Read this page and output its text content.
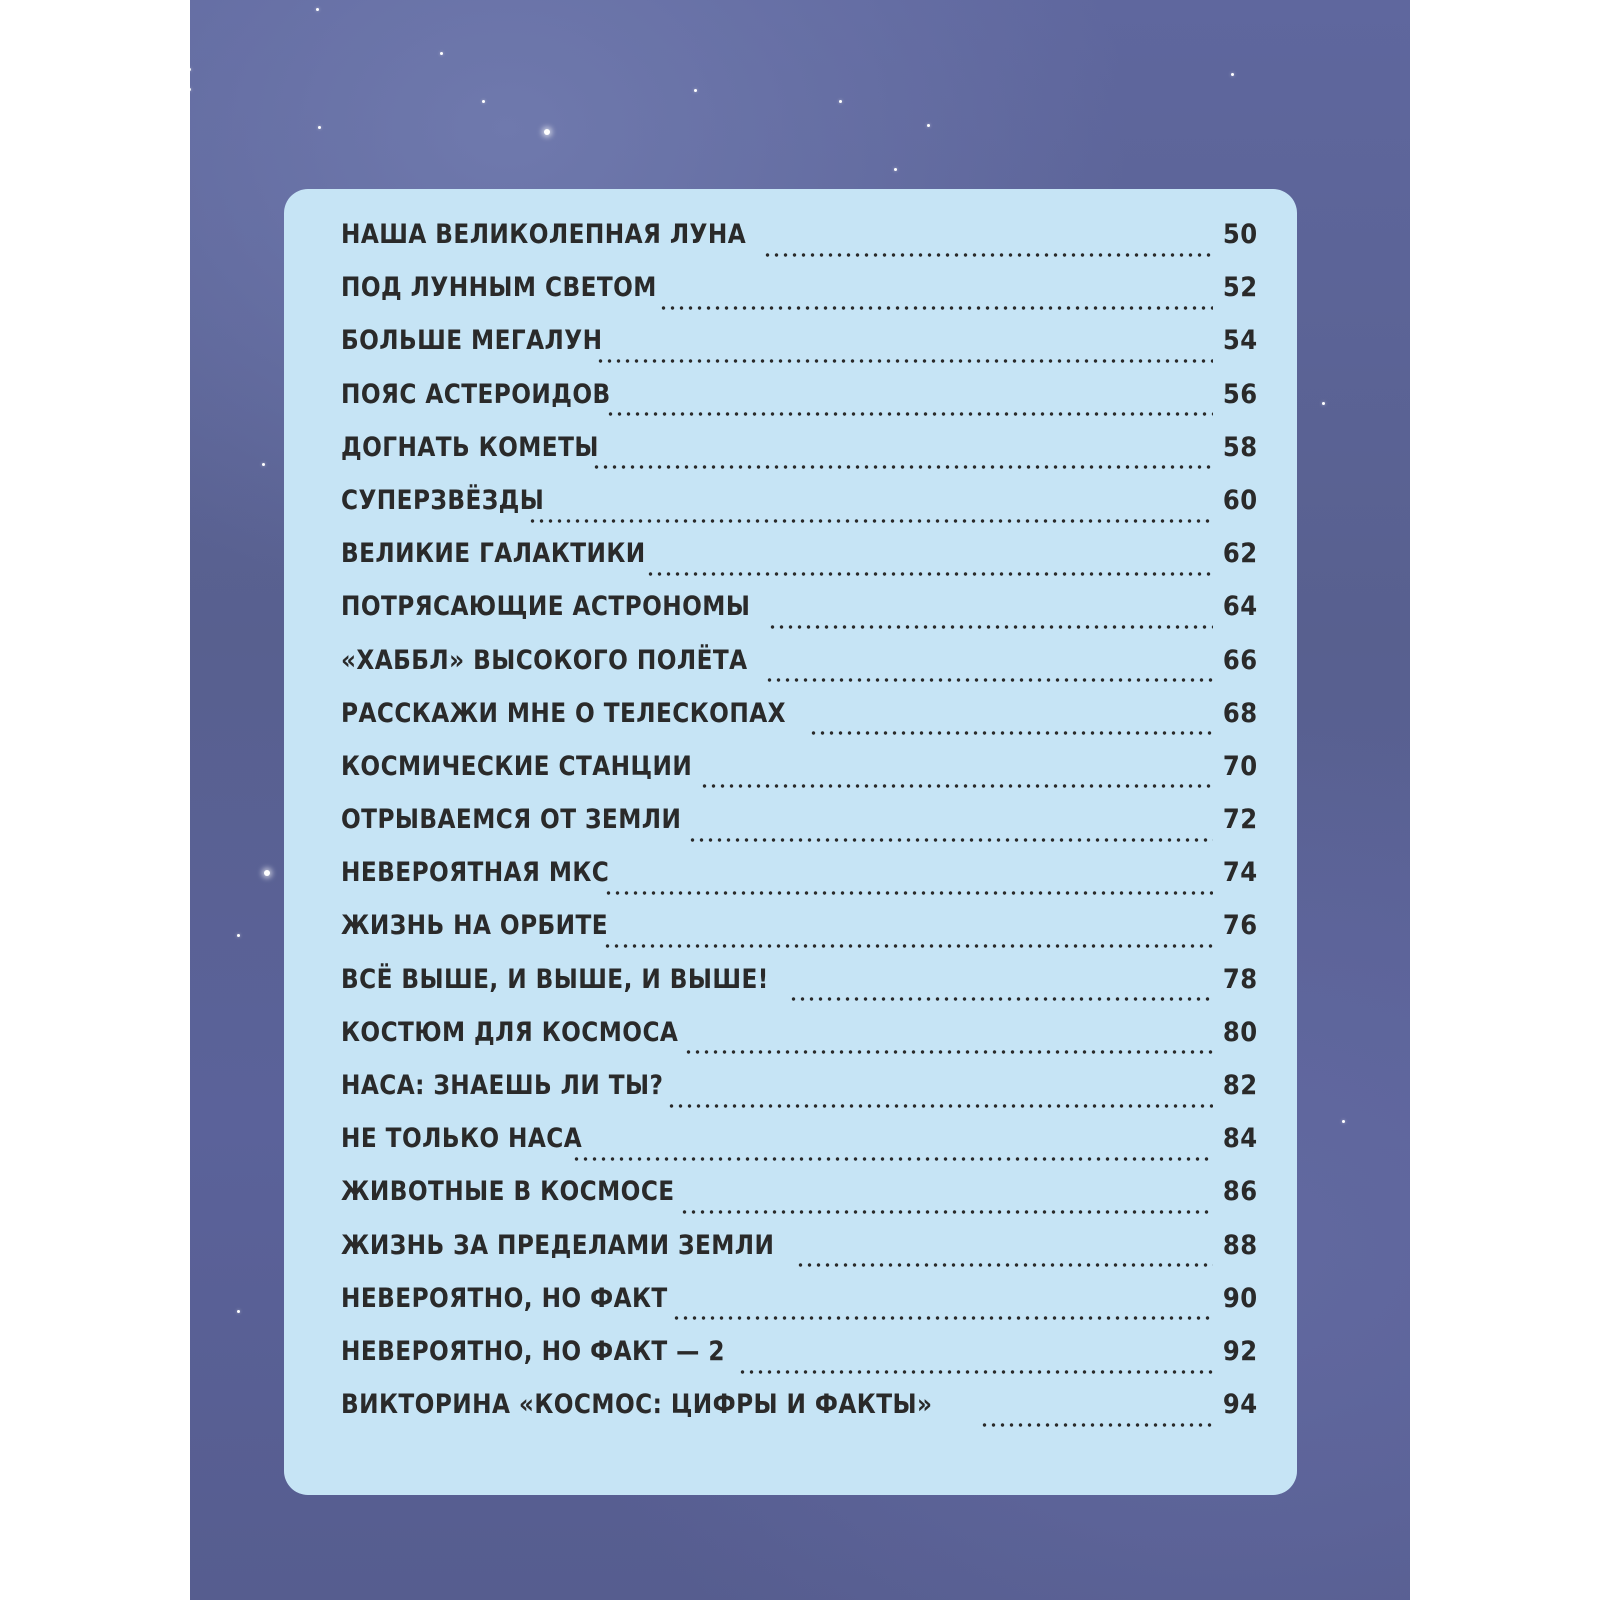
НАША ВЕЛИКОЛЕПНАЯ ЛУНА	50
ПОД ЛУННЫМ СВЕТОМ	52
БОЛЬШЕ МЕГАЛУН	54
ПОЯС АСТЕРОИДОВ	56
ДОГНАТЬ КОМЕТЫ	58
СУПЕРЗВЁЗДЫ	60
ВЕЛИКИЕ ГАЛАКТИКИ	62
ПОТРЯСАЮЩИЕ АСТРОНОМЫ	64
«ХАББЛ» ВЫСОКОГО ПОЛЁТА	66
РАССКАЖИ МНЕ О ТЕЛЕСКОПАХ	68
КОСМИЧЕСКИЕ СТАНЦИИ	70
ОТРЫВАЕМСЯ ОТ ЗЕМЛИ	72
НЕВЕРОЯТНАЯ МКС	74
ЖИЗНЬ НА ОРБИТЕ	76
ВСЁ ВЫШЕ, И ВЫШЕ, И ВЫШЕ!	78
КОСТЮМ ДЛЯ КОСМОСА	80
НАСА: ЗНАЕШЬ ЛИ ТЫ?	82
НЕ ТОЛЬКО НАСА	84
ЖИВОТНЫЕ В КОСМОСЕ	86
ЖИЗНЬ ЗА ПРЕДЕЛАМИ ЗЕМЛИ	88
НЕВЕРОЯТНО, НО ФАКТ	90
НЕВЕРОЯТНО, НО ФАКТ — 2	92
ВИКТОРИНА «КОСМОС: ЦИФРЫ И ФАКТЫ»	94
